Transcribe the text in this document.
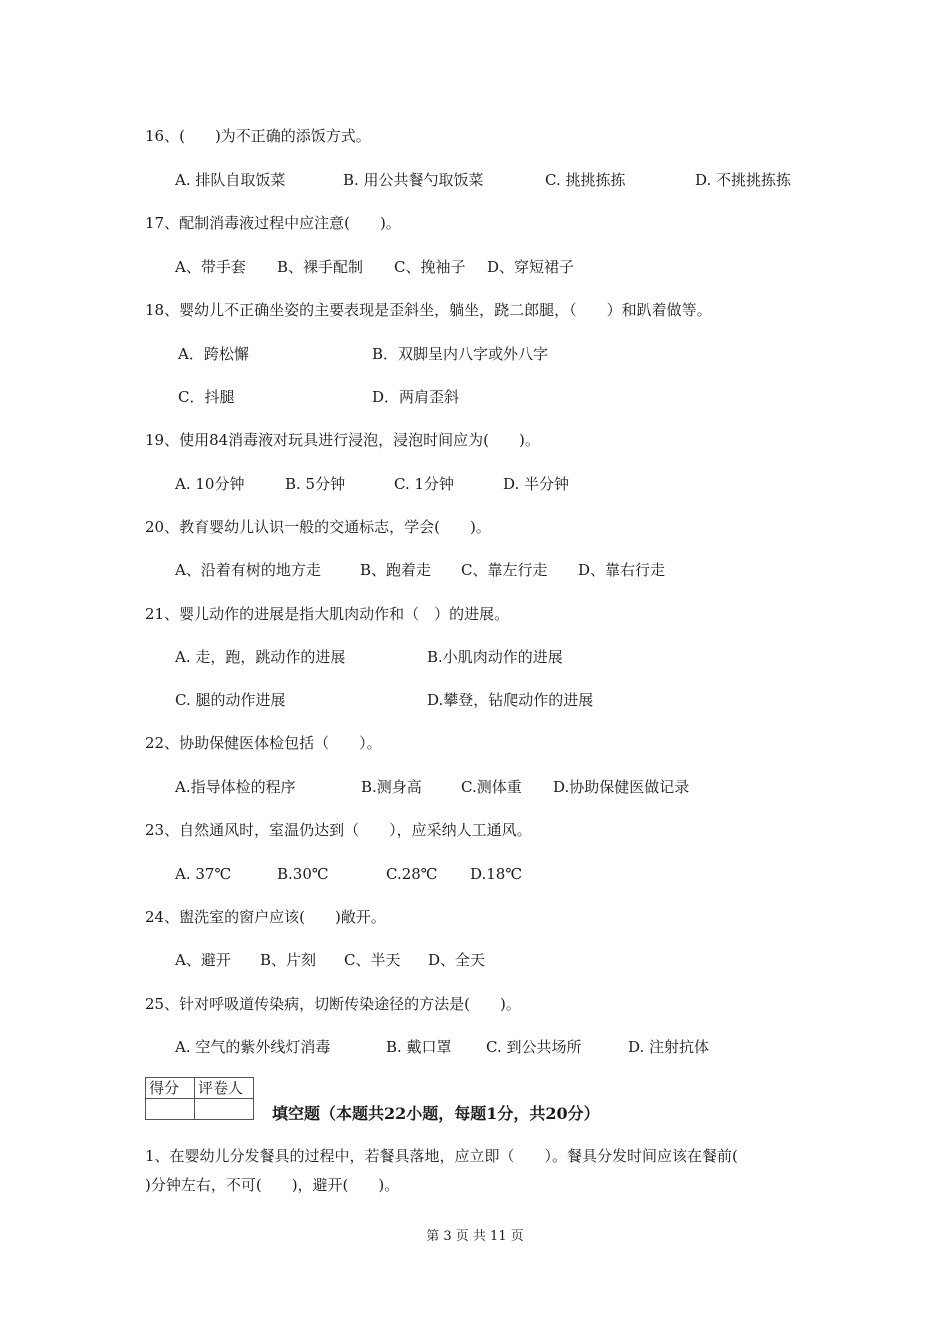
16、(　　)为不正确的添饭方式。
A. 排队自取饭菜	B. 用公共餐勺取饭菜	C. 挑挑拣拣	D. 不挑挑拣拣
17、配制消毒液过程中应注意(　　)。
A、带手套 B、裸手配制 C、挽袖子 D、穿短裙子
18、婴幼儿不正确坐姿的主要表现是歪斜坐，躺坐，跷二郎腿，（　　）和趴着做等。
A．跨松懈	B．双脚呈内八字或外八字
C．抖腿	D．两肩歪斜
19、使用84消毒液对玩具进行浸泡，浸泡时间应为(　　)。
A. 10分钟	B. 5分钟	C. 1分钟	D. 半分钟
20、教育婴幼儿认识一般的交通标志，学会(　　)。
A、沿着有树的地方走	B、跑着走 C、靠左行走 D、靠右行走
21、婴儿动作的进展是指大肌肉动作和（　）的进展。
A. 走，跑，跳动作的进展	B.小肌肉动作的进展
C. 腿的动作进展	D.攀登，钻爬动作的进展
22、协助保健医体检包括（　　）。
A.指导体检的程序	B.测身高	C.测体重 D.协助保健医做记录
23、自然通风时，室温仍达到（　　），应采纳人工通风。
A. 37℃	B.30℃	C.28℃ D.18℃
24、盥洗室的窗户应该(　　)敞开。
A、避开 B、片刻 C、半天 D、全天
25、针对呼吸道传染病，切断传染途径的方法是(　　)。
A. 空气的紫外线灯消毒	B. 戴口罩 C. 到公共场所	D. 注射抗体
得分	评卷人

填空题（本题共22小题，每题1分，共20分）
1、在婴幼儿分发餐具的过程中，若餐具落地，应立即（　　）。餐具分发时间应该在餐前(
)分钟左右，不可(　　)，避开(　　)。
第 3 页 共 11 页
